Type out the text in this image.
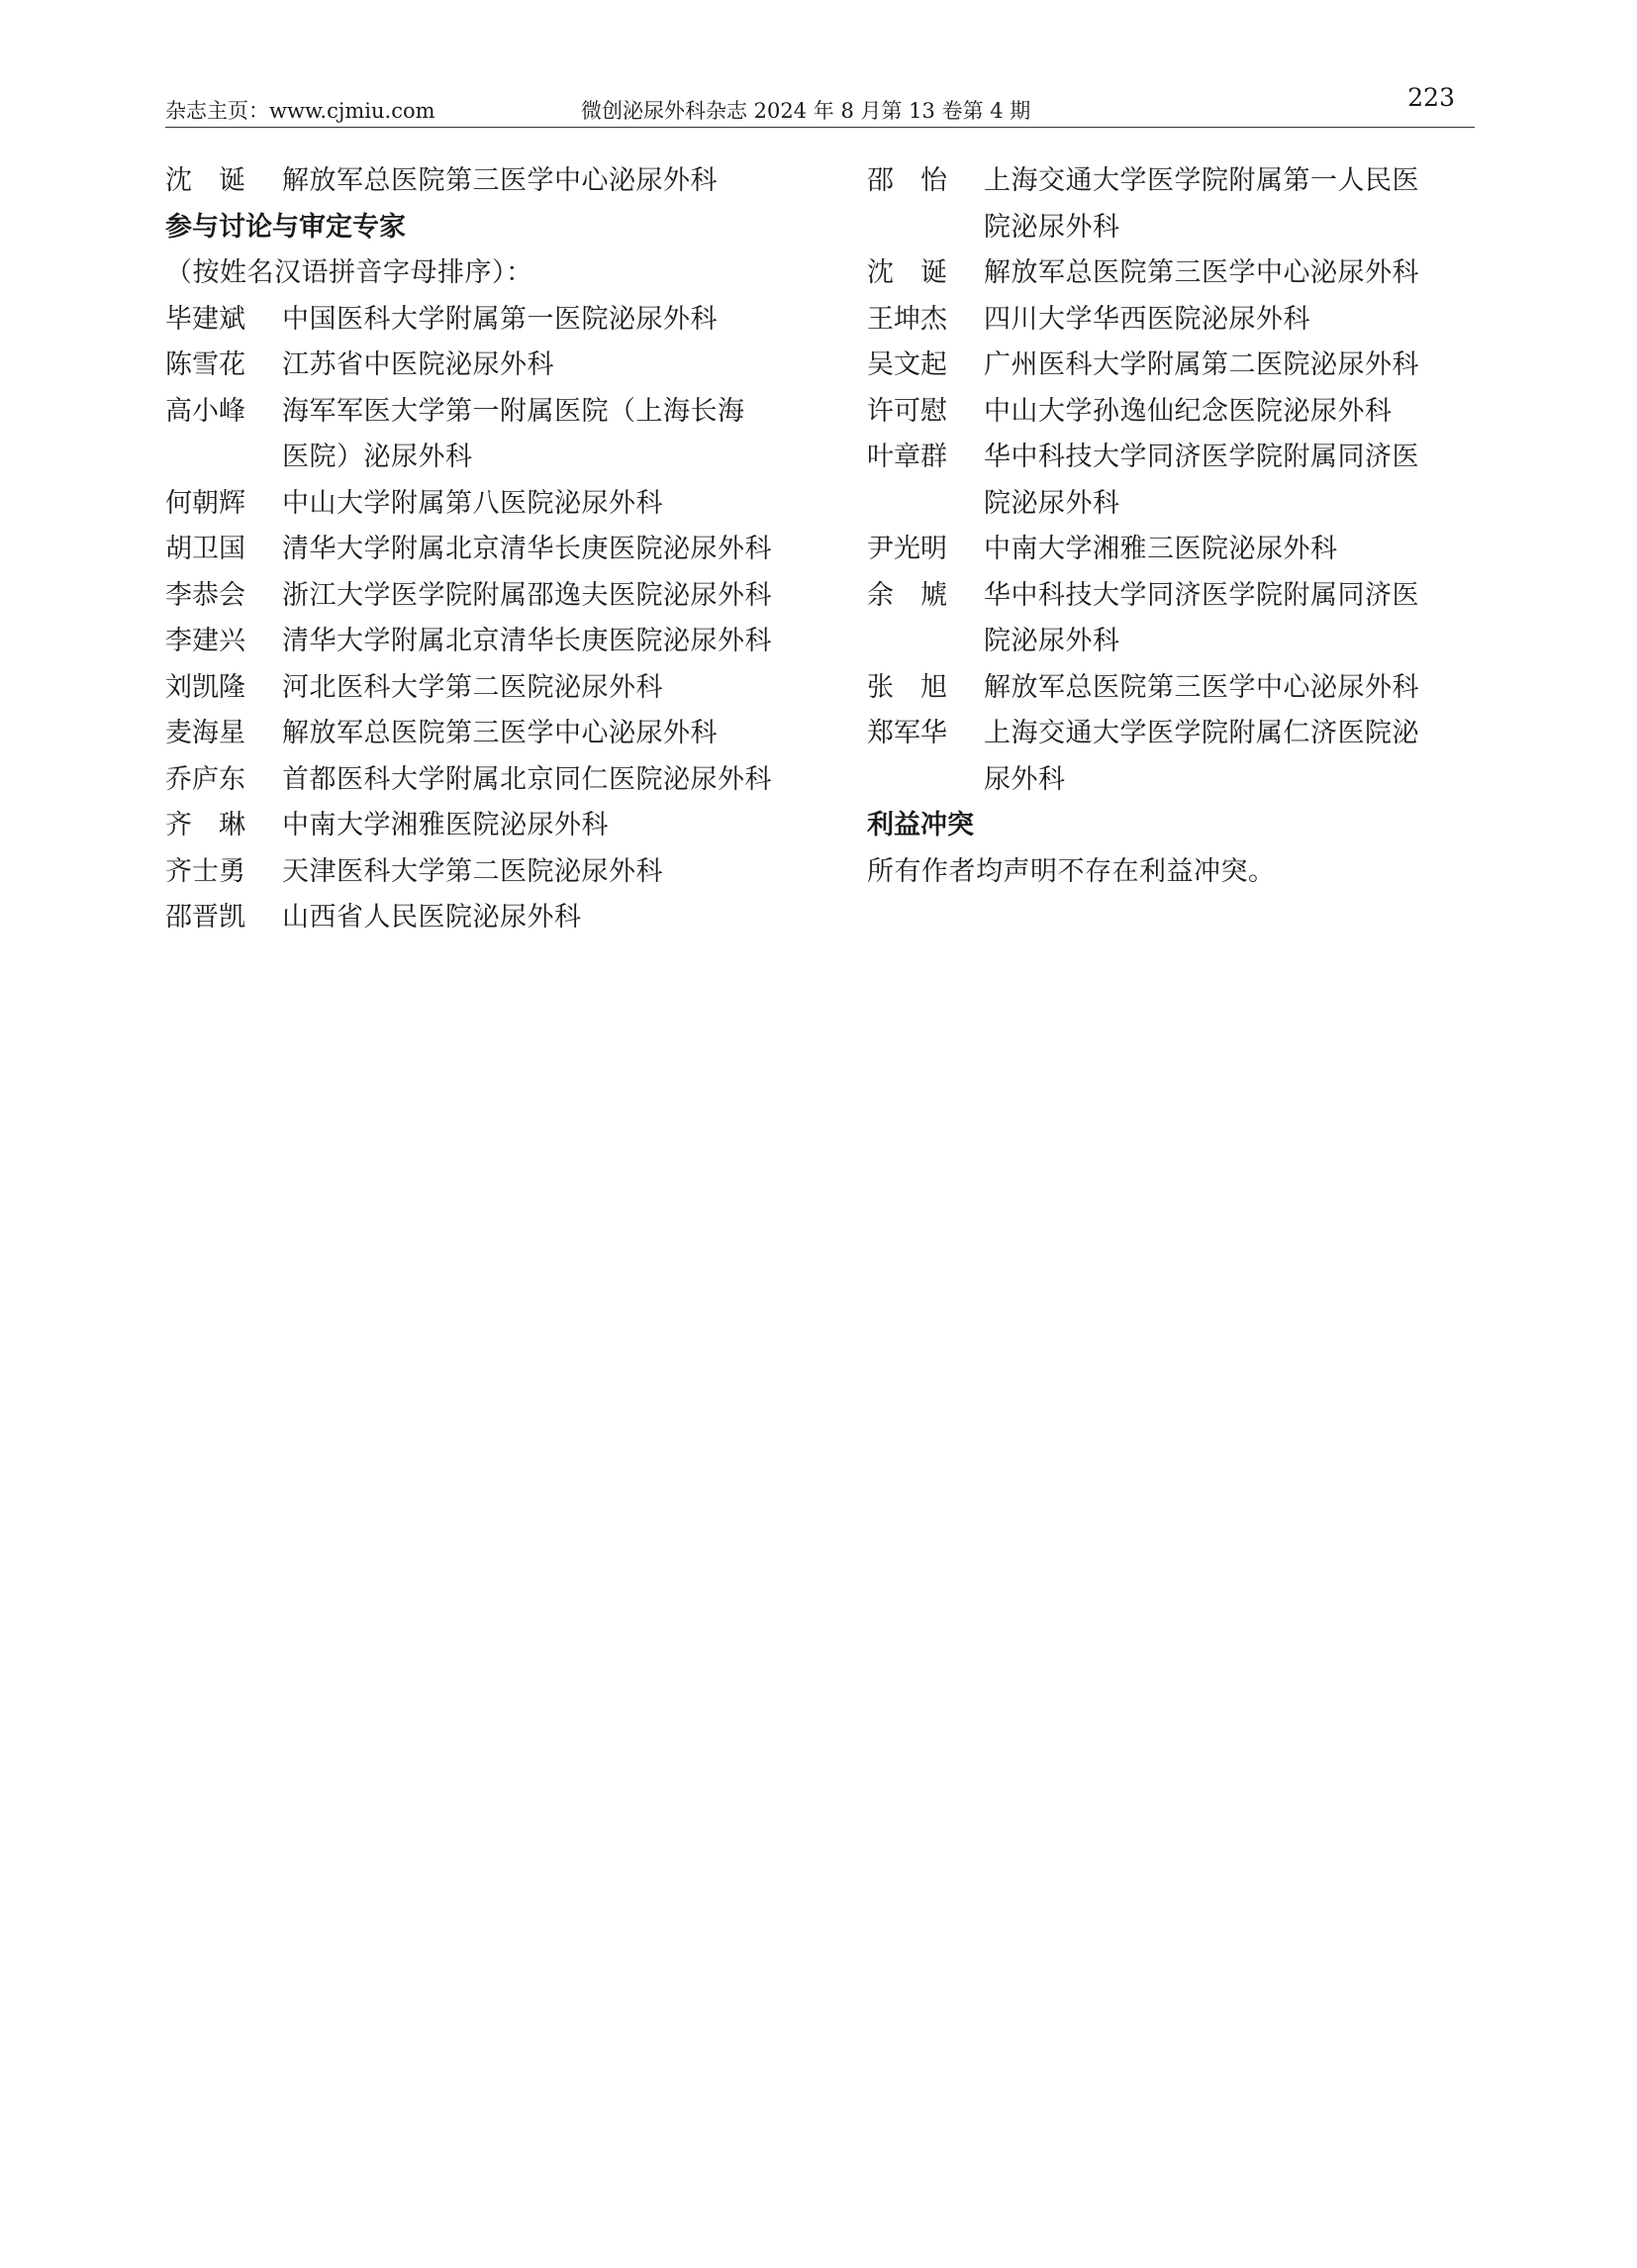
杂志主页：www.cjmiu.com	微创泌尿外科杂志 2024 年 8 月第 13 卷第 4 期	223
沈　诞	解放军总医院第三医学中心泌尿外科
参与讨论与审定专家
（按姓名汉语拼音字母排序）：
毕建斌	中国医科大学附属第一医院泌尿外科
陈雪花	江苏省中医院泌尿外科
高小峰	海军军医大学第一附属医院（上海长海
医院）泌尿外科
何朝辉	中山大学附属第八医院泌尿外科
胡卫国	清华大学附属北京清华长庚医院泌尿外科
李恭会	浙江大学医学院附属邵逸夫医院泌尿外科
李建兴	清华大学附属北京清华长庚医院泌尿外科
刘凯隆	河北医科大学第二医院泌尿外科
麦海星	解放军总医院第三医学中心泌尿外科
乔庐东	首都医科大学附属北京同仁医院泌尿外科
齐　琳	中南大学湘雅医院泌尿外科
齐士勇	天津医科大学第二医院泌尿外科
邵晋凯	山西省人民医院泌尿外科
邵　怡	上海交通大学医学院附属第一人民医
院泌尿外科
沈　诞	解放军总医院第三医学中心泌尿外科
王坤杰	四川大学华西医院泌尿外科
吴文起	广州医科大学附属第二医院泌尿外科
许可慰	中山大学孙逸仙纪念医院泌尿外科
叶章群	华中科技大学同济医学院附属同济医
院泌尿外科
尹光明	中南大学湘雅三医院泌尿外科
余　虓	华中科技大学同济医学院附属同济医
院泌尿外科
张　旭	解放军总医院第三医学中心泌尿外科
郑军华	上海交通大学医学院附属仁济医院泌
尿外科
利益冲突
所有作者均声明不存在利益冲突。
